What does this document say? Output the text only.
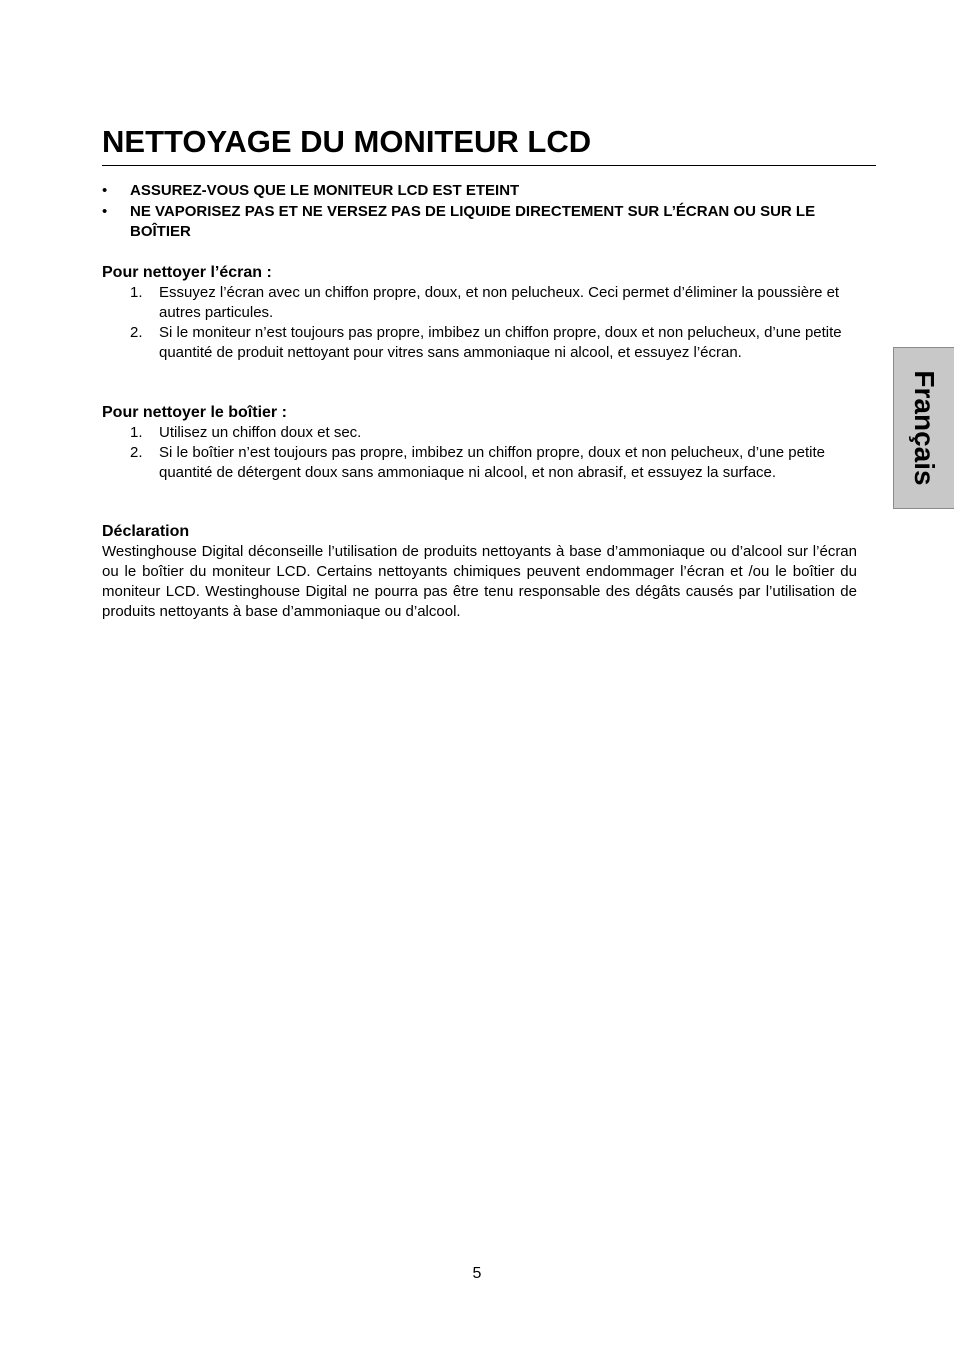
NETTOYAGE DU MONITEUR LCD
• ASSUREZ-VOUS QUE LE MONITEUR LCD EST ETEINT
• NE VAPORISEZ PAS ET NE VERSEZ PAS DE LIQUIDE DIRECTEMENT SUR L’ÉCRAN OU SUR LE BOÎTIER
Pour nettoyer l’écran :
1. Essuyez l’écran avec un chiffon propre, doux, et non pelucheux. Ceci permet d’éliminer la poussière et autres particules.
2. Si le moniteur n’est toujours pas propre, imbibez un chiffon propre, doux et non pelucheux, d’une petite quantité de produit nettoyant pour vitres sans ammoniaque ni alcool, et essuyez l’écran.
Pour nettoyer le boîtier :
1. Utilisez un chiffon doux et sec.
2. Si le boîtier n’est toujours pas propre, imbibez un chiffon propre, doux et non pelucheux, d’une petite quantité de détergent doux sans ammoniaque ni alcool, et non abrasif, et essuyez la surface.
Déclaration

Westinghouse Digital déconseille l’utilisation de produits nettoyants à base d’ammoniaque ou d’alcool sur l’écran ou le boîtier du moniteur LCD. Certains nettoyants chimiques peuvent endommager l’écran et /ou le boîtier du moniteur LCD. Westinghouse Digital ne pourra pas être tenu responsable des dégâts causés par l’utilisation de produits nettoyants à base d’ammoniaque ou d’alcool.

Français
5
